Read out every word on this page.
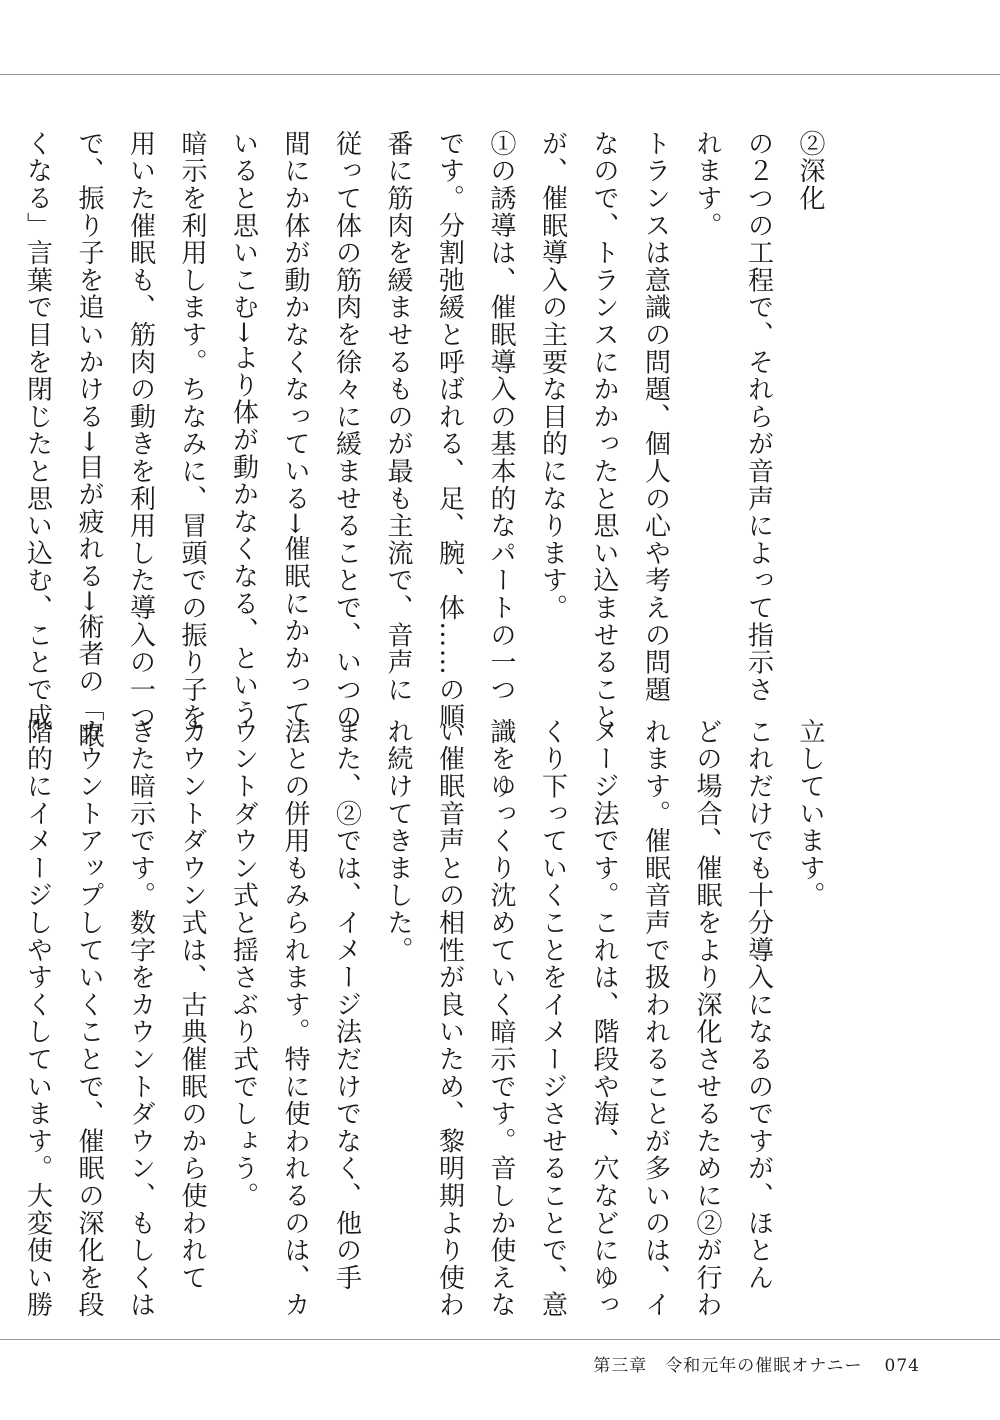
②深化
の２つの工程で、それらが音声によって指示さ
れます。
トランスは意識の問題、個人の心や考えの問題
なので、トランスにかかったと思い込ませること
が、催眠導入の主要な目的になります。
①の誘導は、催眠導入の基本的なパートの一つ
です。分割弛緩と呼ばれる、足、腕、体……の順
番に筋肉を緩ませるものが最も主流で、音声に
従って体の筋肉を徐々に緩ませることで、いつの
間にか体が動かなくなっている→催眠にかかって
いると思いこむ→より体が動かなくなる、という
暗示を利用します。ちなみに、冒頭での振り子を
用いた催眠も、筋肉の動きを利用した導入の一つ
で、振り子を追いかける→目が疲れる→術者の「眠
くなる」言葉で目を閉じたと思い込む、ことで成
立しています。
これだけでも十分導入になるのですが、ほとん
どの場合、催眠をより深化させるために②が行わ
れます。催眠音声で扱われることが多いのは、イ
メージ法です。これは、階段や海、穴などにゆっ
くり下っていくことをイメージさせることで、意
識をゆっくり沈めていく暗示です。音しか使えな
い催眠音声との相性が良いため、黎明期より使わ
れ続けてきました。
また、②では、イメージ法だけでなく、他の手
法との併用もみられます。特に使われるのは、カ
ウントダウン式と揺さぶり式でしょう。
カウントダウン式は、古典催眠のから使われて
きた暗示です。数字をカウントダウン、もしくは
カウントアップしていくことで、催眠の深化を段
階的にイメージしやすくしています。大変使い勝
第三章　令和元年の催眠オナニー 074
